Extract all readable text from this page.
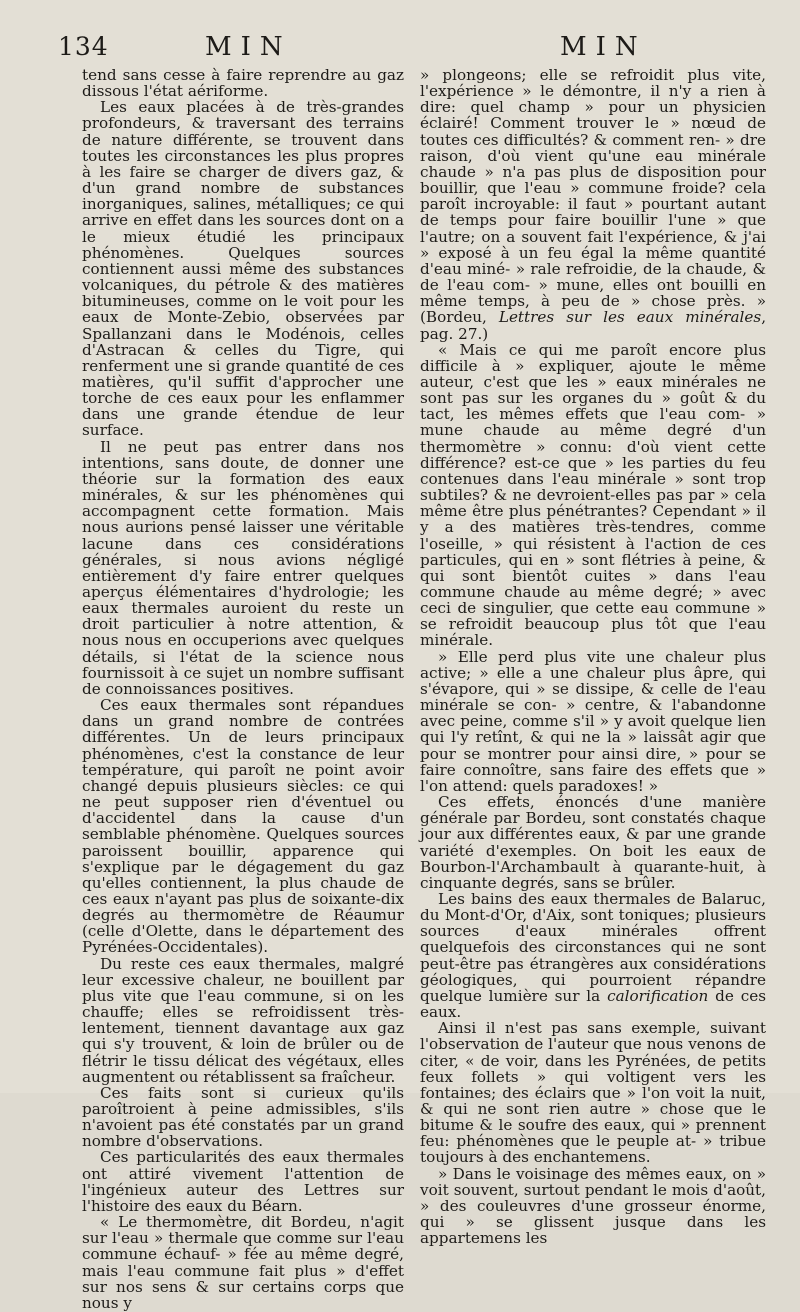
134	MIN	MIN

tend sans cesse à faire reprendre au gaz dissous l'état aériforme.

Les eaux placées à de très-grandes profondeurs, & traversant des terrains de nature différente, se trouvent dans toutes les circonstances les plus propres à les faire se charger de divers gaz, & d'un grand nombre de substances inorganiques, salines, métalliques; ce qui arrive en effet dans les sources dont on a le mieux étudié les principaux phénomènes. Quelques sources contiennent aussi même des substances volcaniques, du pétrole & des matières bitumineuses, comme on le voit pour les eaux de Monte-Zebio, observées par Spallanzani dans le Modénois, celles d'Astracan & celles du Tigre, qui renferment une si grande quantité de ces matières, qu'il suffit d'approcher une torche de ces eaux pour les enflammer dans une grande étendue de leur surface.

Il ne peut pas entrer dans nos intentions, sans doute, de donner une théorie sur la formation des eaux minérales, & sur les phénomènes qui accompagnent cette formation. Mais nous aurions pensé laisser une véritable lacune dans ces considérations générales, si nous avions négligé entièrement d'y faire entrer quelques aperçus élémentaires d'hydrologie; les eaux thermales auroient du reste un droit particulier à notre attention, & nous nous en occuperions avec quelques détails, si l'état de la science nous fournissoit à ce sujet un nombre suffisant de connoissances positives.

Ces eaux thermales sont répandues dans un grand nombre de contrées différentes. Un de leurs principaux phénomènes, c'est la constance de leur température, qui paroît ne point avoir changé depuis plusieurs siècles: ce qui ne peut supposer rien d'éventuel ou d'accidentel dans la cause d'un semblable phénomène. Quelques sources paroissent bouillir, apparence qui s'explique par le dégagement du gaz qu'elles contiennent, la plus chaude de ces eaux n'ayant pas plus de soixante-dix degrés au thermomètre de Réaumur (celle d'Olette, dans le département des Pyrénées-Occidentales).

Du reste ces eaux thermales, malgré leur excessive chaleur, ne bouillent par plus vite que l'eau commune, si on les chauffe; elles se refroidissent très-lentement, tiennent davantage aux gaz qui s'y trouvent, & loin de brûler ou de flétrir le tissu délicat des végétaux, elles augmentent ou rétablissent sa fraîcheur.

Ces faits sont si curieux qu'ils paroîtroient à peine admissibles, s'ils n'avoient pas été constatés par un grand nombre d'observations.

Ces particularités des eaux thermales ont attiré vivement l'attention de l'ingénieux auteur des Lettres sur l'histoire des eaux du Béarn.

« Le thermomètre, dit Bordeu, n'agit sur l'eau » thermale que comme sur l'eau commune échauf- » fée au même degré, mais l'eau commune fait plus » d'effet sur nos sens & sur certains corps que nous y

» plongeons; elle se refroidit plus vite, l'expérience » le démontre, il n'y a rien à dire: quel champ » pour un physicien éclairé! Comment trouver le » nœud de toutes ces difficultés? & comment ren- » dre raison, d'où vient qu'une eau minérale chaude » n'a pas plus de disposition pour bouillir, que l'eau » commune froide? cela paroît incroyable: il faut » pourtant autant de temps pour faire bouillir l'une » que l'autre; on a souvent fait l'expérience, & j'ai » exposé à un feu égal la même quantité d'eau miné- » rale refroidie, de la chaude, & de l'eau com- » mune, elles ont bouilli en même temps, à peu de » chose près. » (Bordeu, Lettres sur les eaux minérales, pag. 27.)

« Mais ce qui me paroît encore plus difficile à » expliquer, ajoute le même auteur, c'est que les » eaux minérales ne sont pas sur les organes du » goût & du tact, les mêmes effets que l'eau com- » mune chaude au même degré d'un thermomètre » connu: d'où vient cette différence? est-ce que » les parties du feu contenues dans l'eau minérale » sont trop subtiles? & ne devroient-elles pas par » cela même être plus pénétrantes? Cependant » il y a des matières très-tendres, comme l'oseille, » qui résistent à l'action de ces particules, qui en » sont flétries à peine, & qui sont bientôt cuites » dans l'eau commune chaude au même degré; » avec ceci de singulier, que cette eau commune » se refroidit beaucoup plus tôt que l'eau minérale.

» Elle perd plus vite une chaleur plus active; » elle a une chaleur plus âpre, qui s'évapore, qui » se dissipe, & celle de l'eau minérale se con- » centre, & l'abandonne avec peine, comme s'il » y avoit quelque lien qui l'y retînt, & qui ne la » laissât agir que pour se montrer pour ainsi dire, » pour se faire connoître, sans faire des effets que » l'on attend: quels paradoxes! »

Ces effets, énoncés d'une manière générale par Bordeu, sont constatés chaque jour aux différentes eaux, & par une grande variété d'exemples. On boit les eaux de Bourbon-l'Archambault à quarante-huit, à cinquante degrés, sans se brûler.

Les bains des eaux thermales de Balaruc, du Mont-d'Or, d'Aix, sont toniques; plusieurs sources d'eaux minérales offrent quelquefois des circonstances qui ne sont peut-être pas étrangères aux considérations géologiques, qui pourroient répandre quelque lumière sur la calorification de ces eaux.

Ainsi il n'est pas sans exemple, suivant l'observation de l'auteur que nous venons de citer, « de voir, dans les Pyrénées, de petits feux follets » qui voltigent vers les fontaines; des éclairs que » l'on voit la nuit, & qui ne sont rien autre » chose que le bitume & le soufre des eaux, qui » prennent feu: phénomènes que le peuple at- » tribue toujours à des enchantemens.

» Dans le voisinage des mêmes eaux, on » voit souvent, surtout pendant le mois d'août, » des couleuvres d'une grosseur énorme, qui » se glissent jusque dans les appartemens les
